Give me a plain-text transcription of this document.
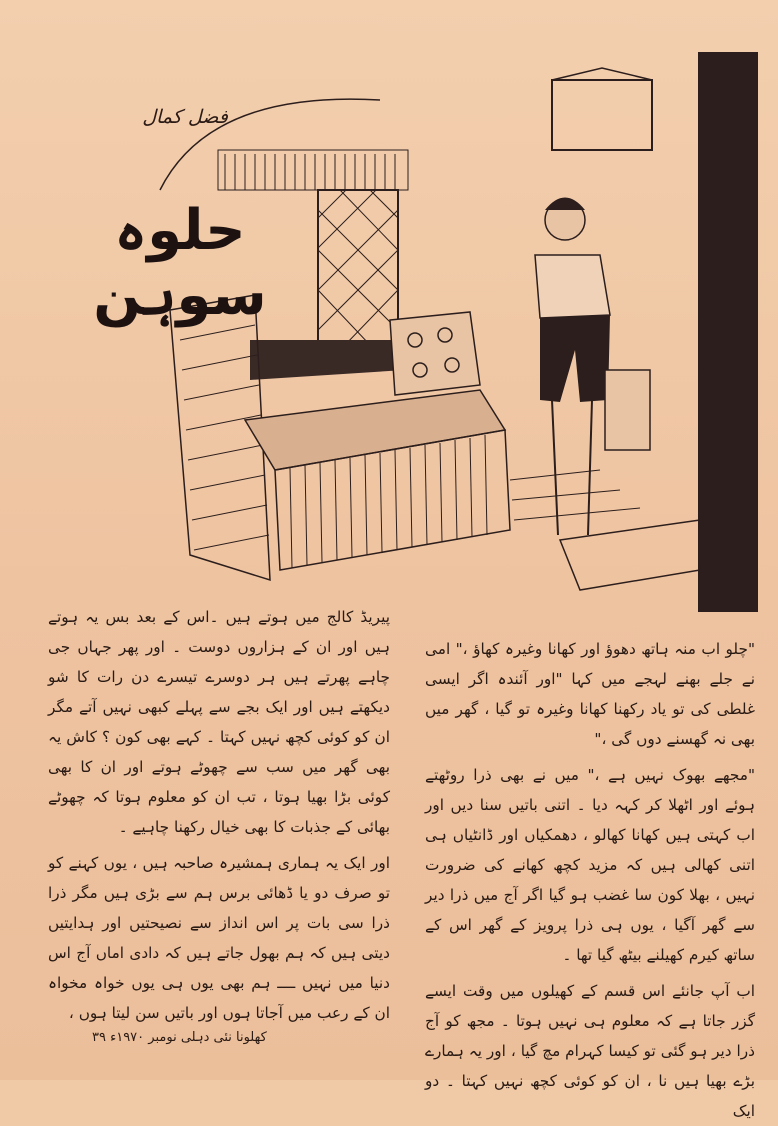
فضل کمال
حلوہ سوہن

پیریڈ کالج میں ہوتے ہیں ۔اس کے بعد بس یہ ہوتے ہیں اور ان کے ہزاروں دوست ۔ اور پھر جہاں جی چاہے پھرتے ہیں ہر دوسرے تیسرے دن رات کا شو دیکھتے ہیں اور ایک بجے سے پہلے کبھی نہیں آتے مگر ان کو کوئی کچھ نہیں کہتا ۔ کہے بھی کون ؟ کاش یہ بھی گھر میں سب سے چھوٹے ہوتے اور ان کا بھی کوئی بڑا بھیا ہوتا ، تب ان کو معلوم ہوتا کہ چھوٹے بھائی کے جذبات کا بھی خیال رکھنا چاہیے ۔

اور ایک یہ ہماری ہمشیرہ صاحبہ ہیں ، یوں کہنے کو تو صرف دو یا ڈھائی برس ہم سے بڑی ہیں مگر ذرا ذرا سی بات پر اس انداز سے نصیحتیں اور ہدایتیں دیتی ہیں کہ ہم بھول جاتے ہیں کہ دادی اماں آج اس دنیا میں نہیں ــــ ہم بھی یوں ہی یوں خواہ مخواہ ان کے رعب میں آجاتا ہوں اور باتیں سن لیتا ہوں ،

"چلو اب منہ ہاتھ دھوؤ اور کھانا وغیرہ کھاؤ ،" امی نے جلے بھنے لہجے میں کہا "اور آئندہ اگر ایسی غلطی کی تو یاد رکھنا کھانا وغیرہ تو گیا ، گھر میں بھی نہ گھسنے دوں گی ،"

"مجھے بھوک نہیں ہے ،" میں نے بھی ذرا روٹھتے ہوئے اور اٹھلا کر کہہ دیا ۔ اتنی باتیں سنا دیں اور اب کہتی ہیں کھانا کھالو ، دھمکیاں اور ڈانٹیاں ہی اتنی کھالی ہیں کہ مزید کچھ کھانے کی ضرورت نہیں ، بھلا کون سا غضب ہو گیا اگر آج میں ذرا دیر سے گھر آگیا ، یوں ہی ذرا پرویز کے گھر اس کے ساتھ کیرم کھیلنے بیٹھ گیا تھا ۔

اب آپ جانئے اس قسم کے کھیلوں میں وقت ایسے گزر جاتا ہے کہ معلوم ہی نہیں ہوتا ۔ مجھ کو آج ذرا دیر ہو گئی تو کیسا کہرام مچ گیا ، اور یہ ہمارے بڑے بھیا ہیں نا ، ان کو کوئی کچھ نہیں کہتا ۔ دو ایک

کھلونا نئی دہلی نومبر ۱۹۷۰ء ۳۹
